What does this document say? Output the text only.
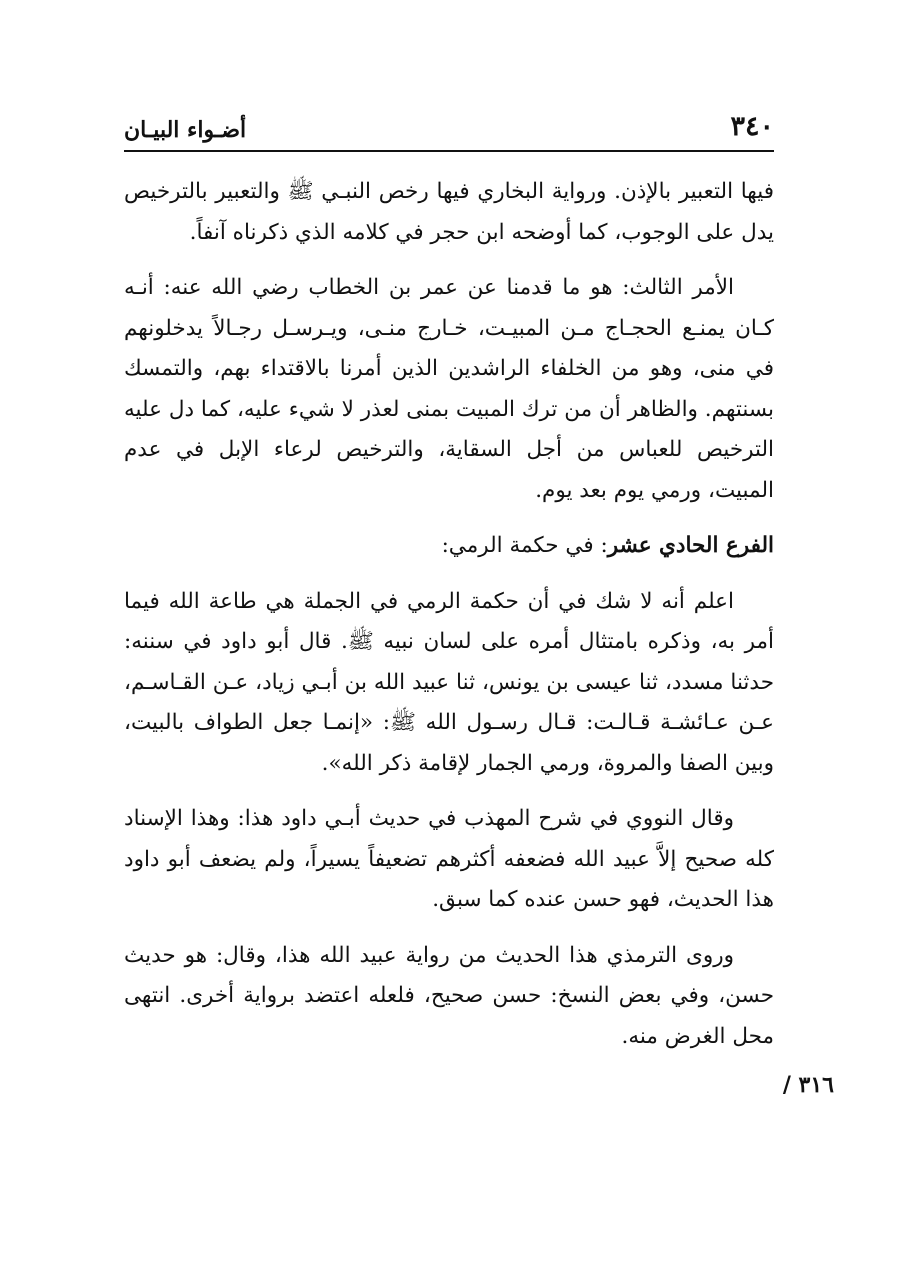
٣٤٠
أضـواء البيـان

فيها التعبير بالإذن. ورواية البخاري فيها رخص النبـي ﷺ والتعبير بالترخيص يدل على الوجوب، كما أوضحه ابن حجر في كلامه الذي ذكرناه آنفاً.

الأمر الثالث: هو ما قدمنا عن عمر بن الخطاب رضي الله عنه: أنـه كـان يمنـع الحجـاج مـن المبيـت، خـارج منـى، ويـرسـل رجـالاً يدخلونهم في منى، وهو من الخلفاء الراشدين الذين أمرنا بالاقتداء بهم، والتمسك بسنتهم. والظاهر أن من ترك المبيت بمنى لعذر لا شيء عليه، كما دل عليه الترخيص للعباس من أجل السقاية، والترخيص لرعاء الإبل في عدم المبيت، ورمي يوم بعد يوم.

الفرع الحادي عشر: في حكمة الرمي:

اعلم أنه لا شك في أن حكمة الرمي في الجملة هي طاعة الله فيما أمر به، وذكره بامتثال أمره على لسان نبيه ﷺ. قال أبو داود في سننه: حدثنا مسدد، ثنا عيسى بن يونس، ثنا عبيد الله بن أبـي زياد، عـن القـاسـم، عـن عـائشـة قـالـت: قـال رسـول الله ﷺ: «إنمـا جعل الطواف بالبيت، وبين الصفا والمروة، ورمي الجمار لإقامة ذكر الله».

وقال النووي في شرح المهذب في حديث أبـي داود هذا: وهذا الإسناد كله صحيح إلاَّ عبيد الله فضعفه أكثرهم تضعيفاً يسيراً، ولم يضعف أبو داود هذا الحديث، فهو حسن عنده كما سبق.

وروى الترمذي هذا الحديث من رواية عبيد الله هذا، وقال: هو حديث حسن، وفي بعض النسخ: حسن صحيح، فلعله اعتضد برواية أخرى. انتهى محل الغرض منه.

٣١٦ /
